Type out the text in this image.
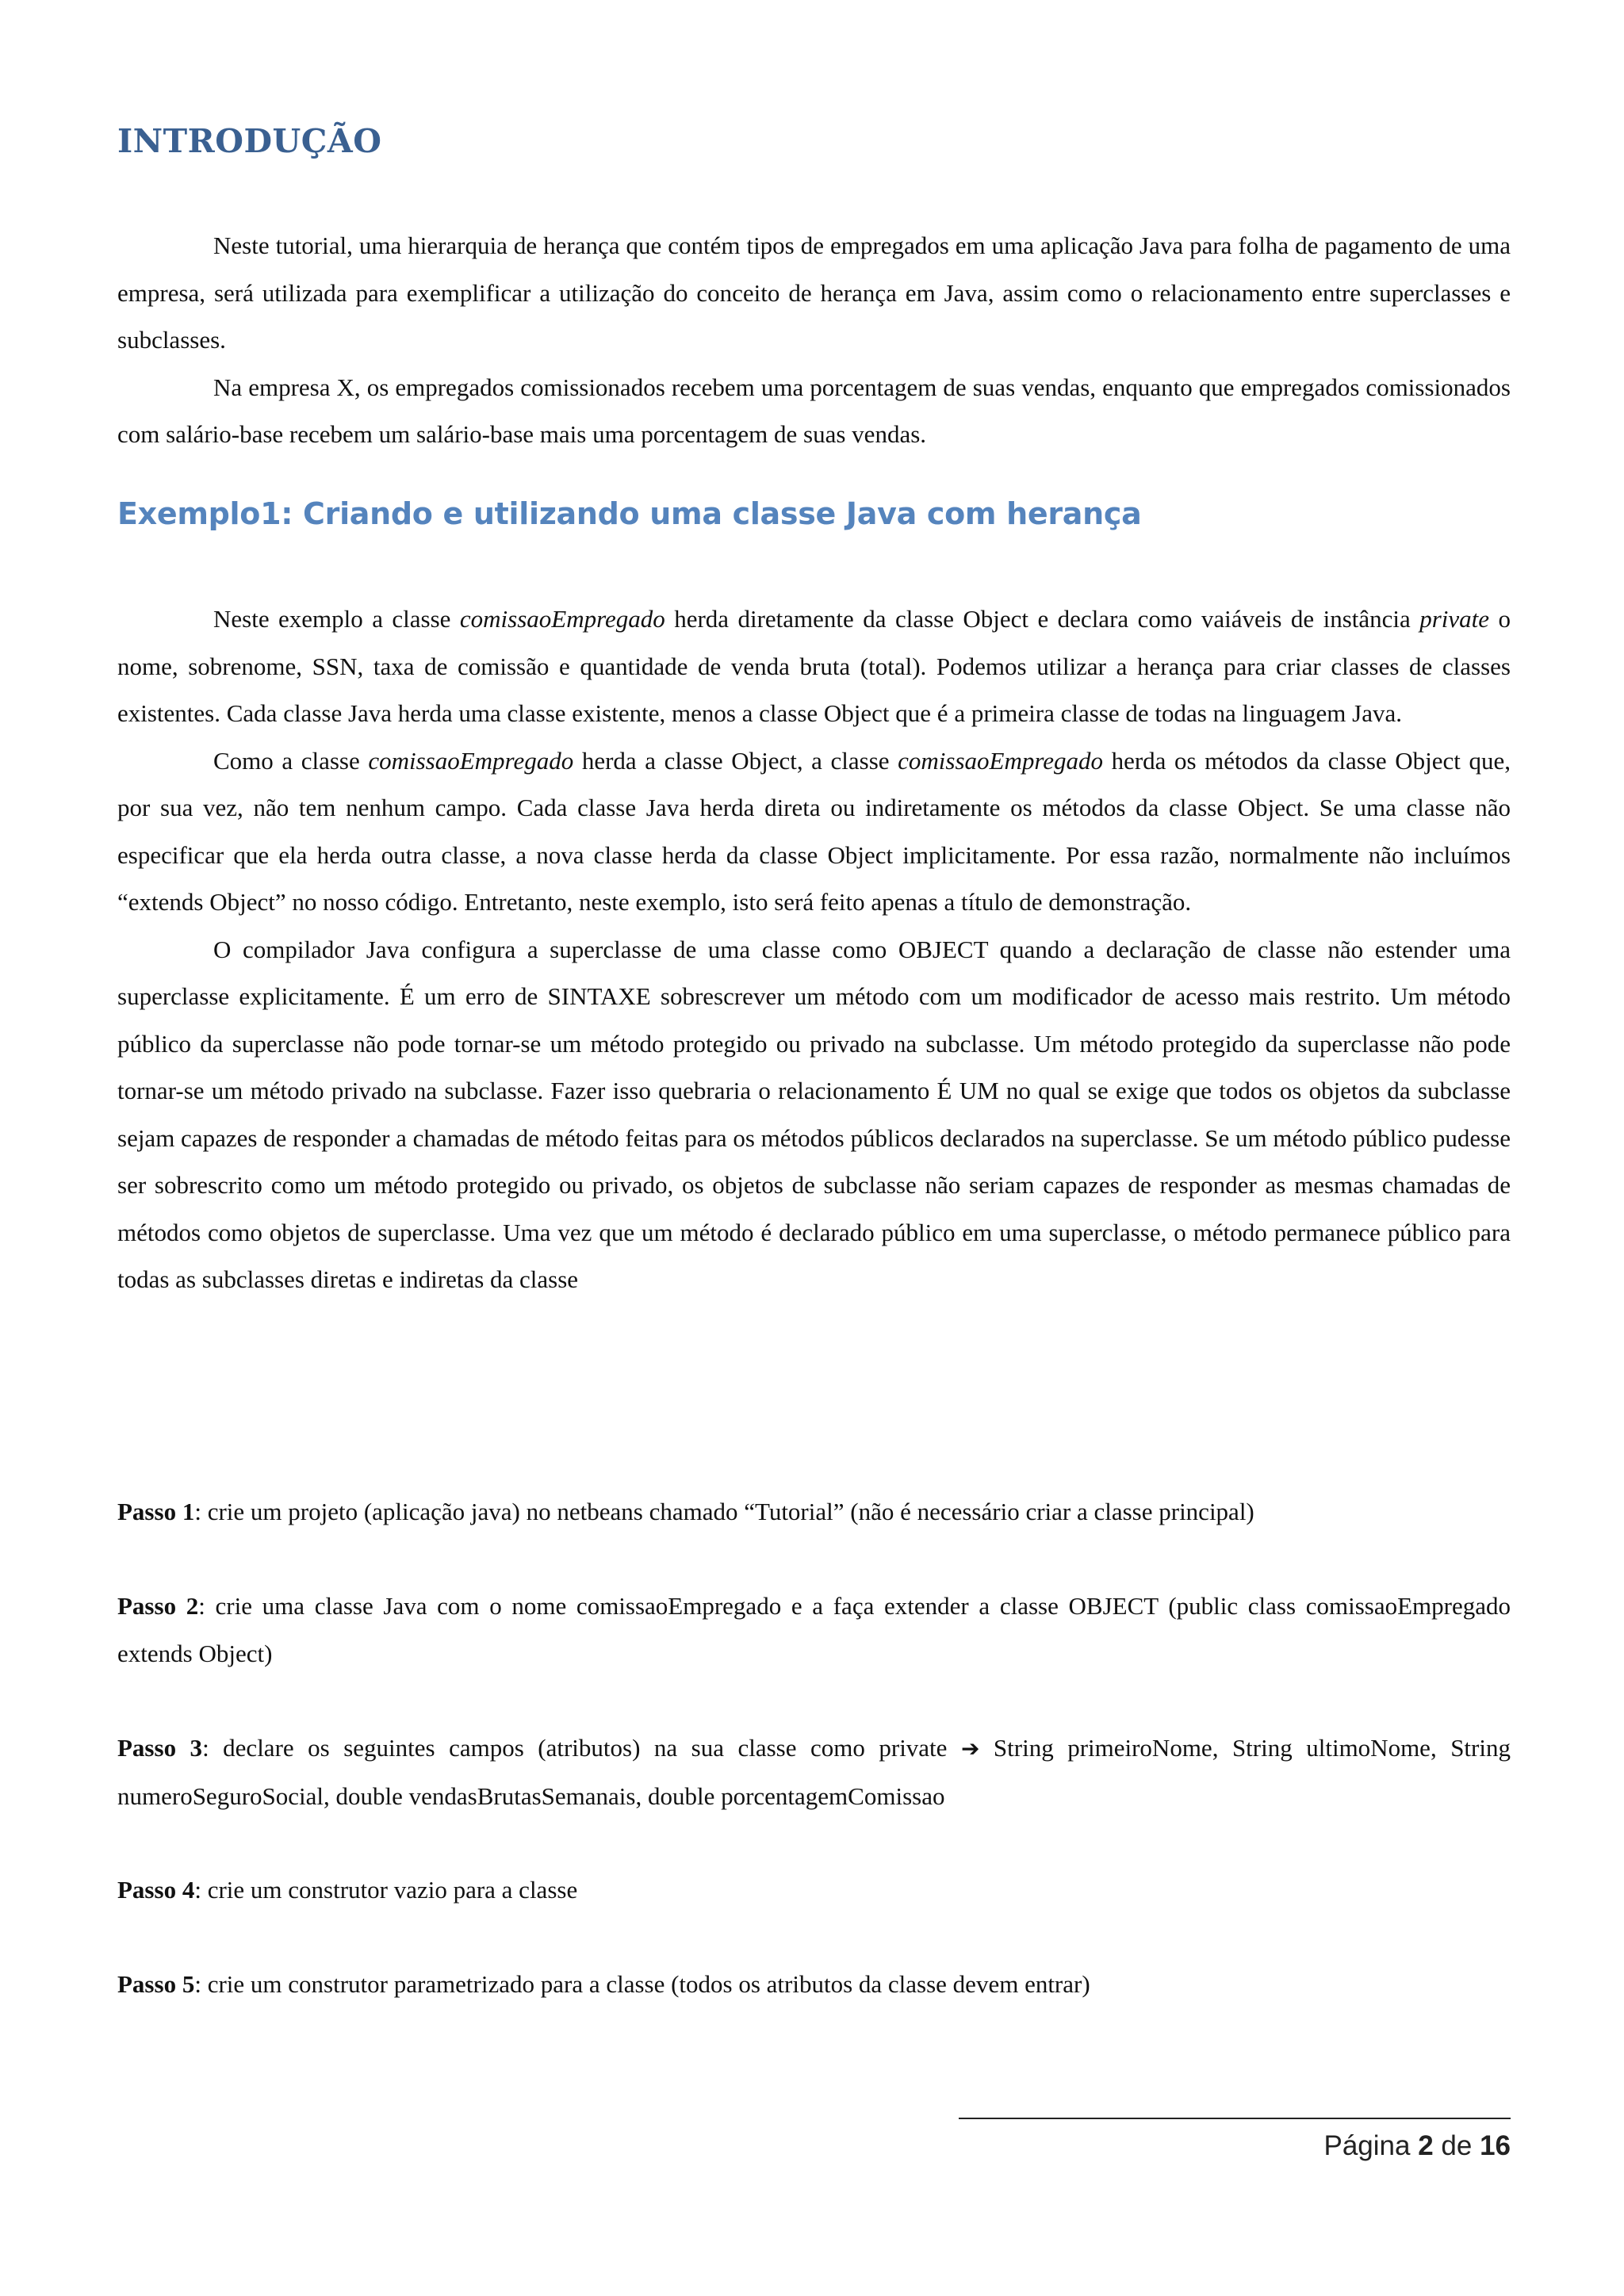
INTRODUÇÃO

Neste tutorial, uma hierarquia de herança que contém tipos de empregados em uma aplicação Java para folha de pagamento de uma empresa, será utilizada para exemplificar a utilização do conceito de herança em Java, assim como o relacionamento entre superclasses e subclasses.

Na empresa X, os empregados comissionados recebem uma porcentagem de suas vendas, enquanto que empregados comissionados com salário-base recebem um salário-base mais uma porcentagem de suas vendas.

Exemplo1: Criando e utilizando uma classe Java com herança

Neste exemplo a classe comissaoEmpregado herda diretamente da classe Object e declara como vaiáveis de instância private o nome, sobrenome, SSN, taxa de comissão e quantidade de venda bruta (total). Podemos utilizar a herança para criar classes de classes existentes. Cada classe Java herda uma classe existente, menos a classe Object que é a primeira classe de todas na linguagem Java.

Como a classe comissaoEmpregado herda a classe Object, a classe comissaoEmpregado herda os métodos da classe Object que, por sua vez, não tem nenhum campo. Cada classe Java herda direta ou indiretamente os métodos da classe Object. Se uma classe não especificar que ela herda outra classe, a nova classe herda da classe Object implicitamente. Por essa razão, normalmente não incluímos “extends Object” no nosso código. Entretanto, neste exemplo, isto será feito apenas a título de demonstração.

O compilador Java configura a superclasse de uma classe como OBJECT quando a declaração de classe não estender uma superclasse explicitamente. É um erro de SINTAXE sobrescrever um método com um modificador de acesso mais restrito. Um método público da superclasse não pode tornar-se um método protegido ou privado na subclasse. Um método protegido da superclasse não pode tornar-se um método privado na subclasse. Fazer isso quebraria o relacionamento É UM no qual se exige que todos os objetos da subclasse sejam capazes de responder a chamadas de método feitas para os métodos públicos declarados na superclasse. Se um método público pudesse ser sobrescrito como um método protegido ou privado, os objetos de subclasse não seriam capazes de responder as mesmas chamadas de métodos como objetos de superclasse. Uma vez que um método é declarado público em uma superclasse, o método permanece público para todas as subclasses diretas e indiretas da classe

Passo 1: crie um projeto (aplicação java) no netbeans chamado “Tutorial” (não é necessário criar a classe principal)

Passo 2: crie uma classe Java com o nome comissaoEmpregado e a faça extender a classe OBJECT (public class comissaoEmpregado extends Object)

Passo 3: declare os seguintes campos (atributos) na sua classe como private ➔ String primeiroNome, String ultimoNome, String numeroSeguroSocial, double vendasBrutasSemanais, double porcentagemComissao

Passo 4: crie um construtor vazio para a classe

Passo 5: crie um construtor parametrizado para a classe (todos os atributos da classe devem entrar)

Página 2 de 16
